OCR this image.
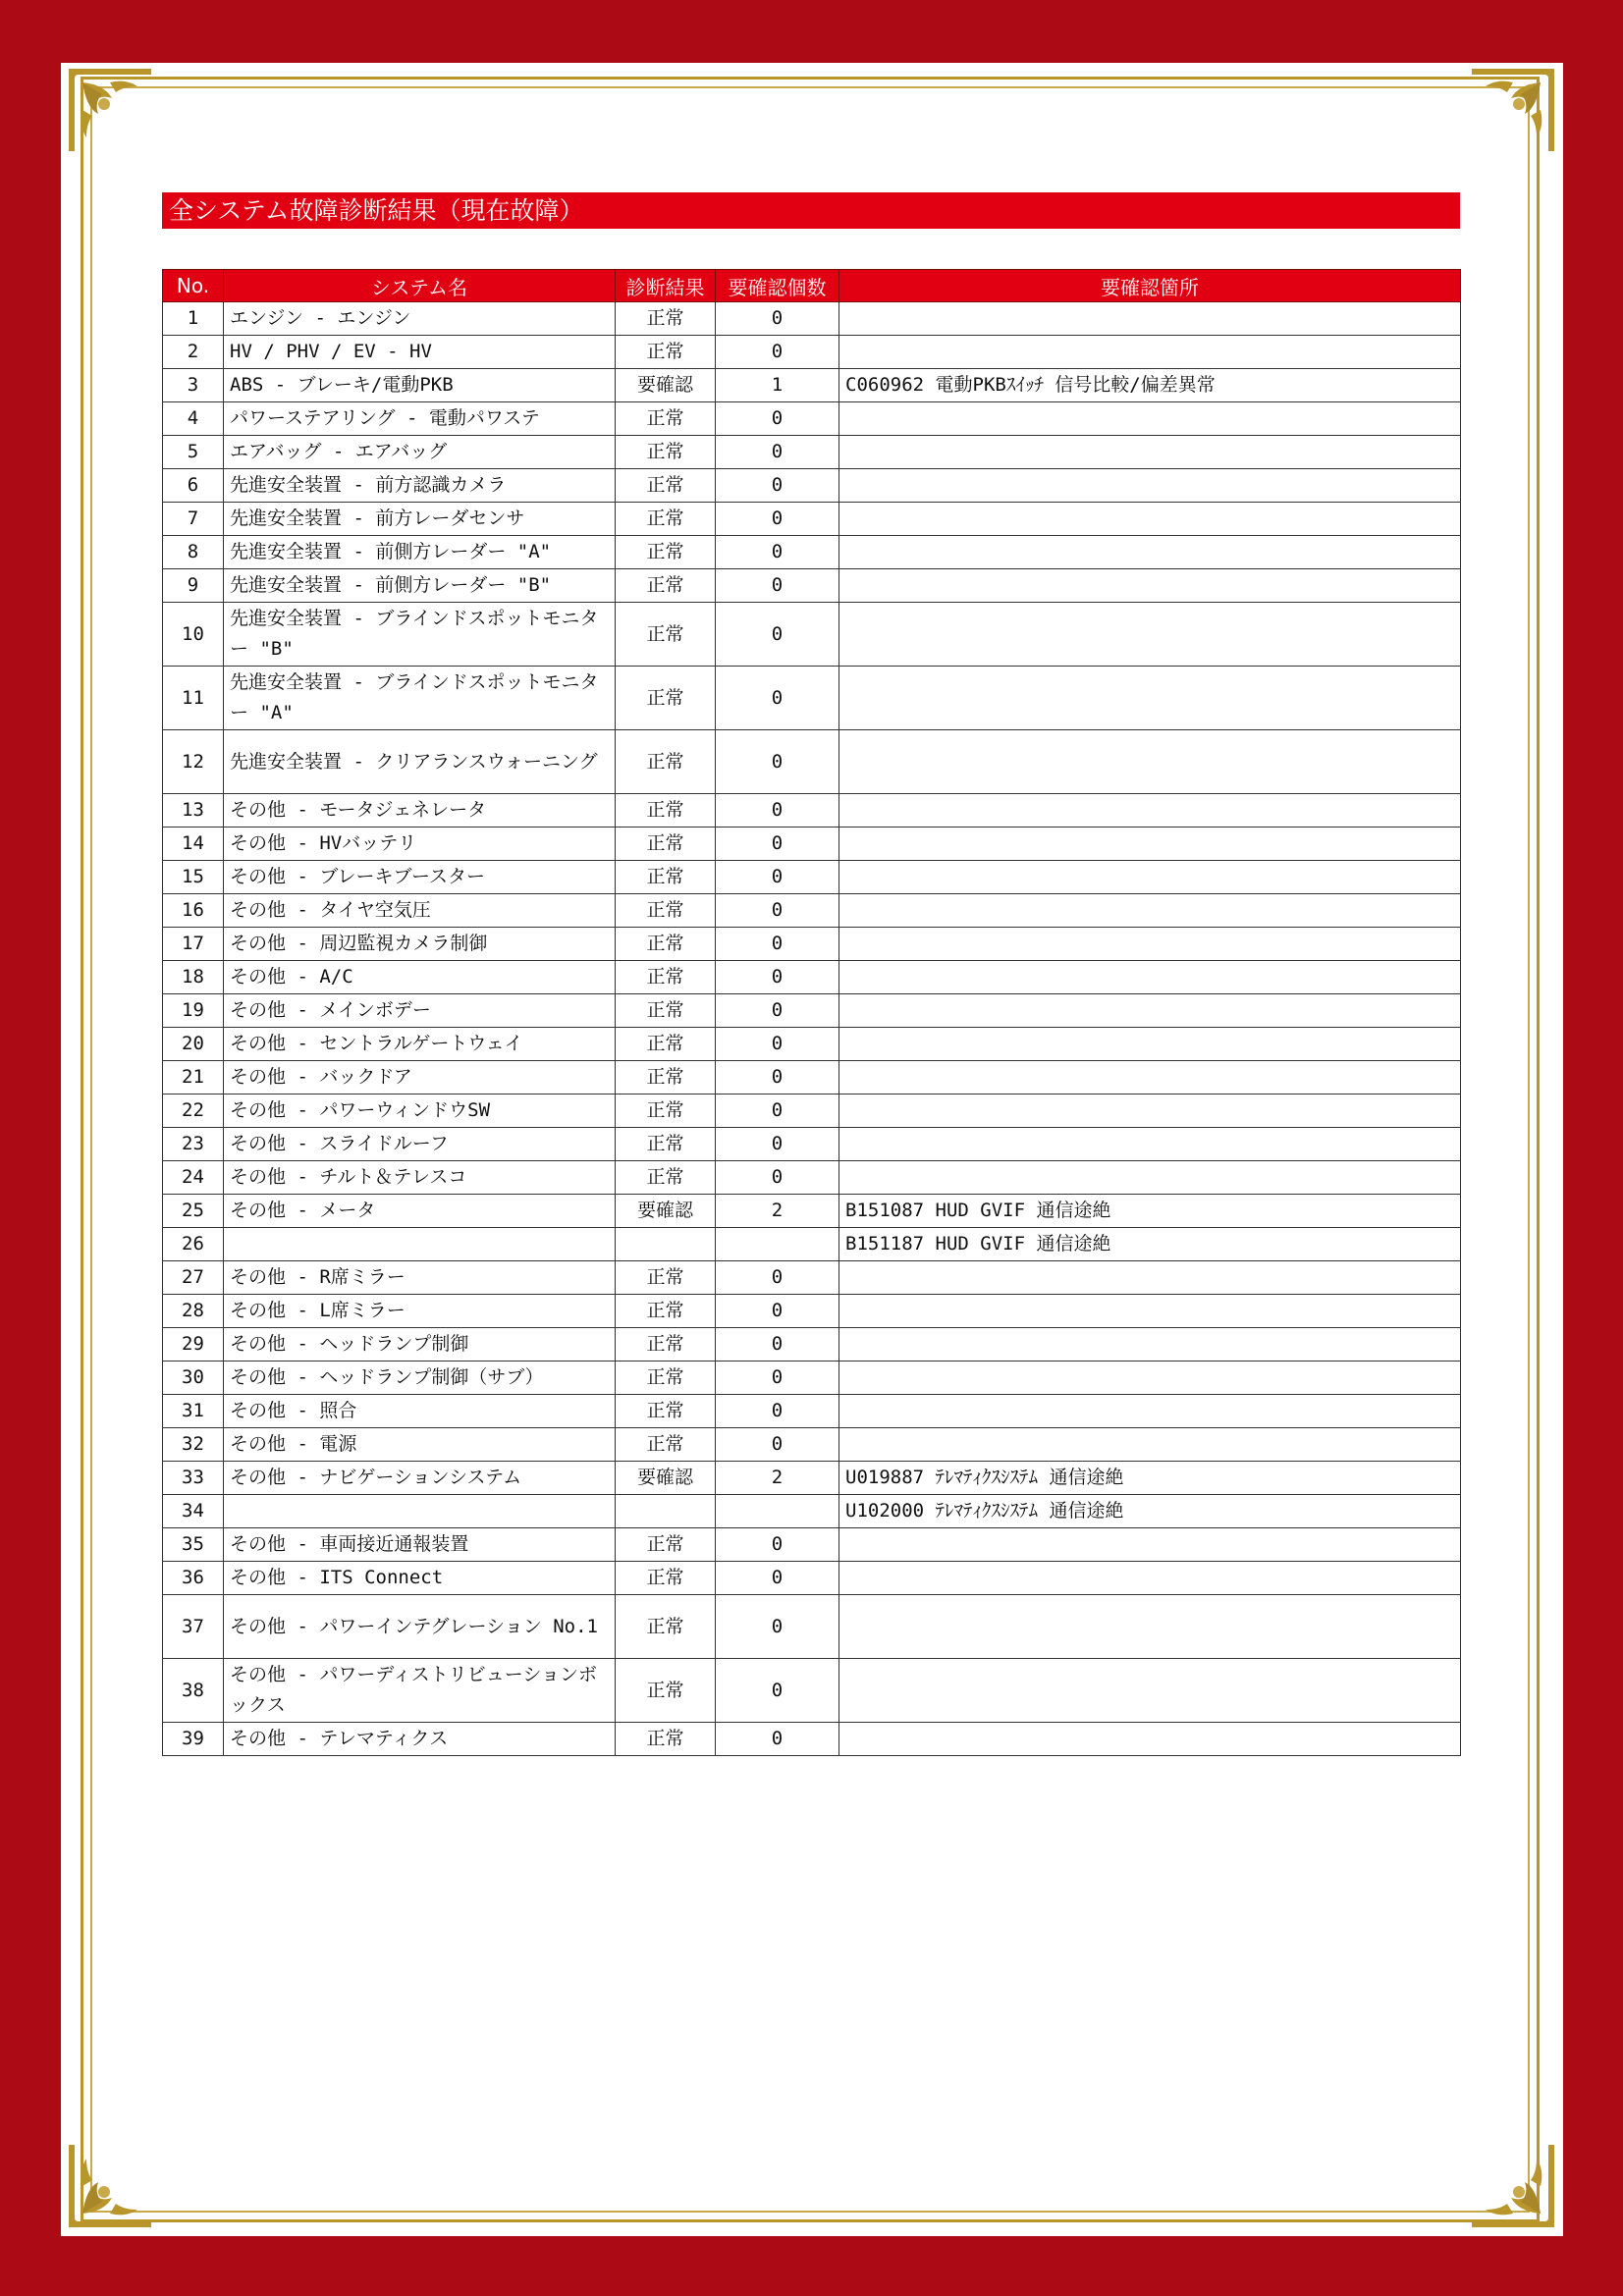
全システム故障診断結果（現在故障）
No.	システム名	診断結果	要確認個数	要確認箇所
1	エンジン - エンジン	正常	0	
2	HV / PHV / EV - HV	正常	0	
3	ABS - ブレーキ/電動PKB	要確認	1	C060962 電動PKBｽｲｯﾁ 信号比較/偏差異常
4	パワーステアリング - 電動パワステ	正常	0	
5	エアバッグ - エアバッグ	正常	0	
6	先進安全装置 - 前方認識カメラ	正常	0	
7	先進安全装置 - 前方レーダセンサ	正常	0	
8	先進安全装置 - 前側方レーダー "A"	正常	0	
9	先進安全装置 - 前側方レーダー "B"	正常	0	
10	先進安全装置 - ブラインドスポットモニター "B"	正常	0	
11	先進安全装置 - ブラインドスポットモニター "A"	正常	0	
12	先進安全装置 - クリアランスウォーニング	正常	0	
13	その他 - モータジェネレータ	正常	0	
14	その他 - HVバッテリ	正常	0	
15	その他 - ブレーキブースター	正常	0	
16	その他 - タイヤ空気圧	正常	0	
17	その他 - 周辺監視カメラ制御	正常	0	
18	その他 - A/C	正常	0	
19	その他 - メインボデー	正常	0	
20	その他 - セントラルゲートウェイ	正常	0	
21	その他 - バックドア	正常	0	
22	その他 - パワーウィンドウSW	正常	0	
23	その他 - スライドルーフ	正常	0	
24	その他 - チルト＆テレスコ	正常	0	
25	その他 - メータ	要確認	2	B151087 HUD GVIF 通信途絶
26				B151187 HUD GVIF 通信途絶
27	その他 - R席ミラー	正常	0	
28	その他 - L席ミラー	正常	0	
29	その他 - ヘッドランプ制御	正常	0	
30	その他 - ヘッドランプ制御（サブ）	正常	0	
31	その他 - 照合	正常	0	
32	その他 - 電源	正常	0	
33	その他 - ナビゲーションシステム	要確認	2	U019887 ﾃﾚﾏﾃｨｸｽｼｽﾃﾑ 通信途絶
34				U102000 ﾃﾚﾏﾃｨｸｽｼｽﾃﾑ 通信途絶
35	その他 - 車両接近通報装置	正常	0	
36	その他 - ITS Connect	正常	0	
37	その他 - パワーインテグレーション No.1	正常	0	
38	その他 - パワーディストリビューションボックス	正常	0	
39	その他 - テレマティクス	正常	0	
